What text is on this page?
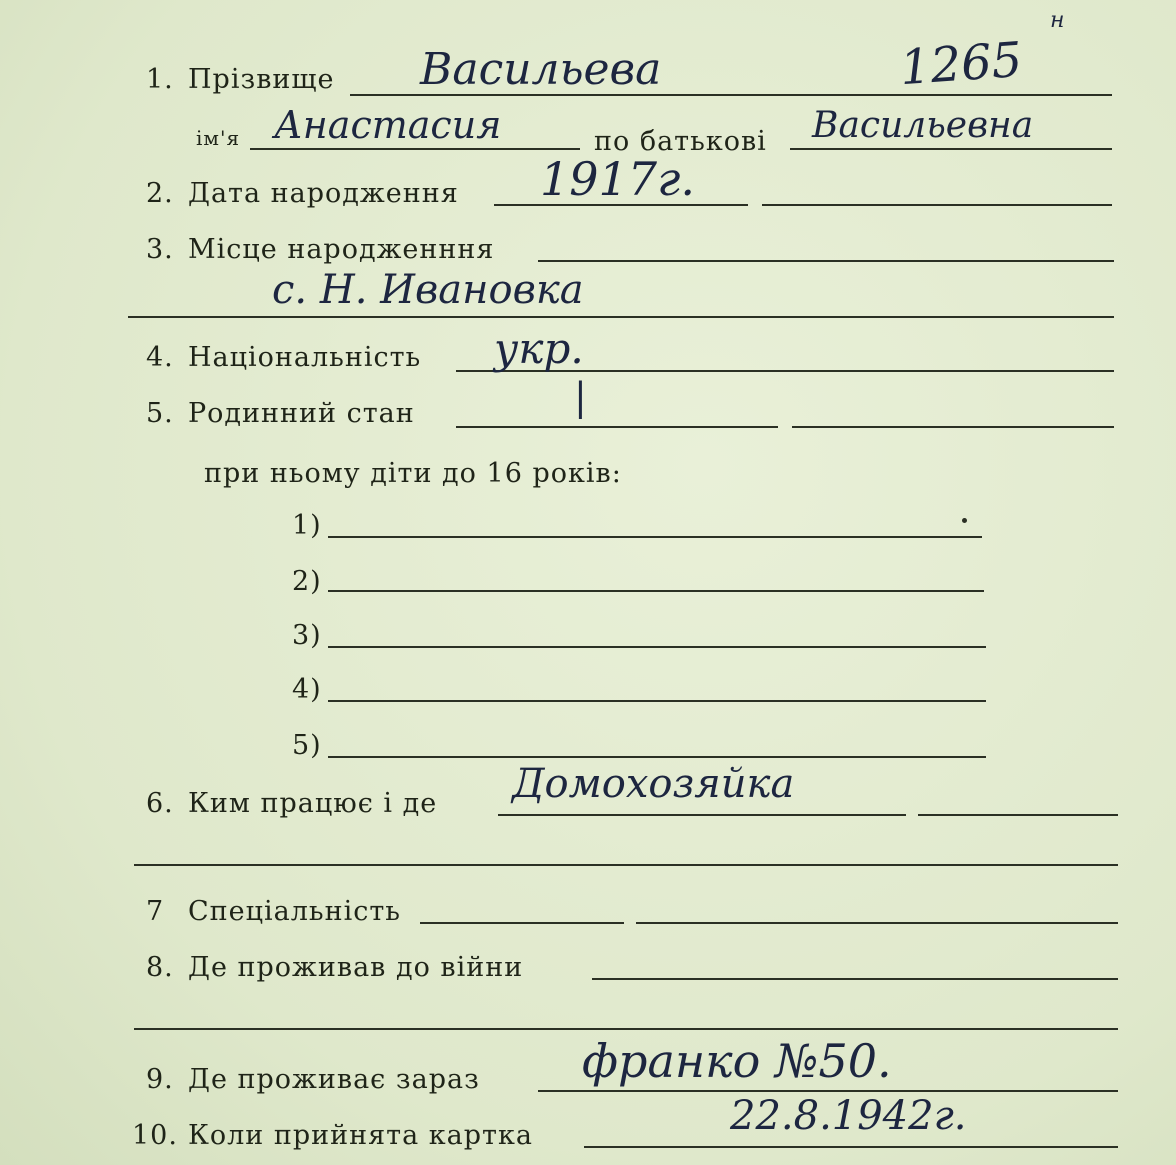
1. Прізвище Васильева	1265
н
ім'я Анастасия	по батькові Васильевна
2. Дата народження 1917г.
3. Місце народженння
с. Н. Ивановка
4. Національність укр.
5. Родинний стан	|
при ньому діти до 16 років:
1)
2)
3)
4)
5)
6. Ким працює і де Домохозяйка
7 Спеціальність
8. Де проживав до війни
9. Де проживає зараз франко №50.
10. Коли прийнята картка	22.8.1942г.
